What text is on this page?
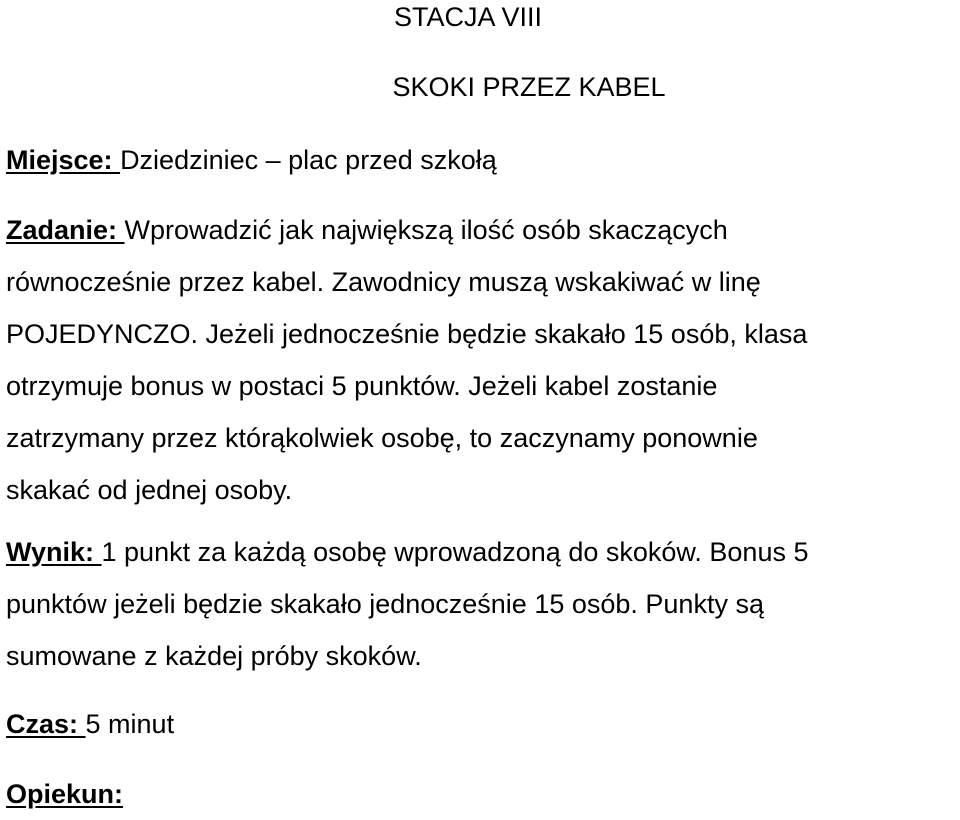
STACJA VIII
SKOKI PRZEZ KABEL
Miejsce: Dziedziniec – plac przed szkołą
Zadanie: Wprowadzić jak największą ilość osób skaczących
równocześnie przez kabel. Zawodnicy muszą wskakiwać w linę
POJEDYNCZO. Jeżeli jednocześnie będzie skakało 15 osób, klasa
otrzymuje bonus w postaci 5 punktów. Jeżeli kabel zostanie
zatrzymany przez którąkolwiek osobę, to zaczynamy ponownie
skakać od jednej osoby.
Wynik: 1 punkt za każdą osobę wprowadzoną do skoków. Bonus 5
punktów jeżeli będzie skakało jednocześnie 15 osób. Punkty są
sumowane z każdej próby skoków.
Czas: 5 minut
Opiekun:
